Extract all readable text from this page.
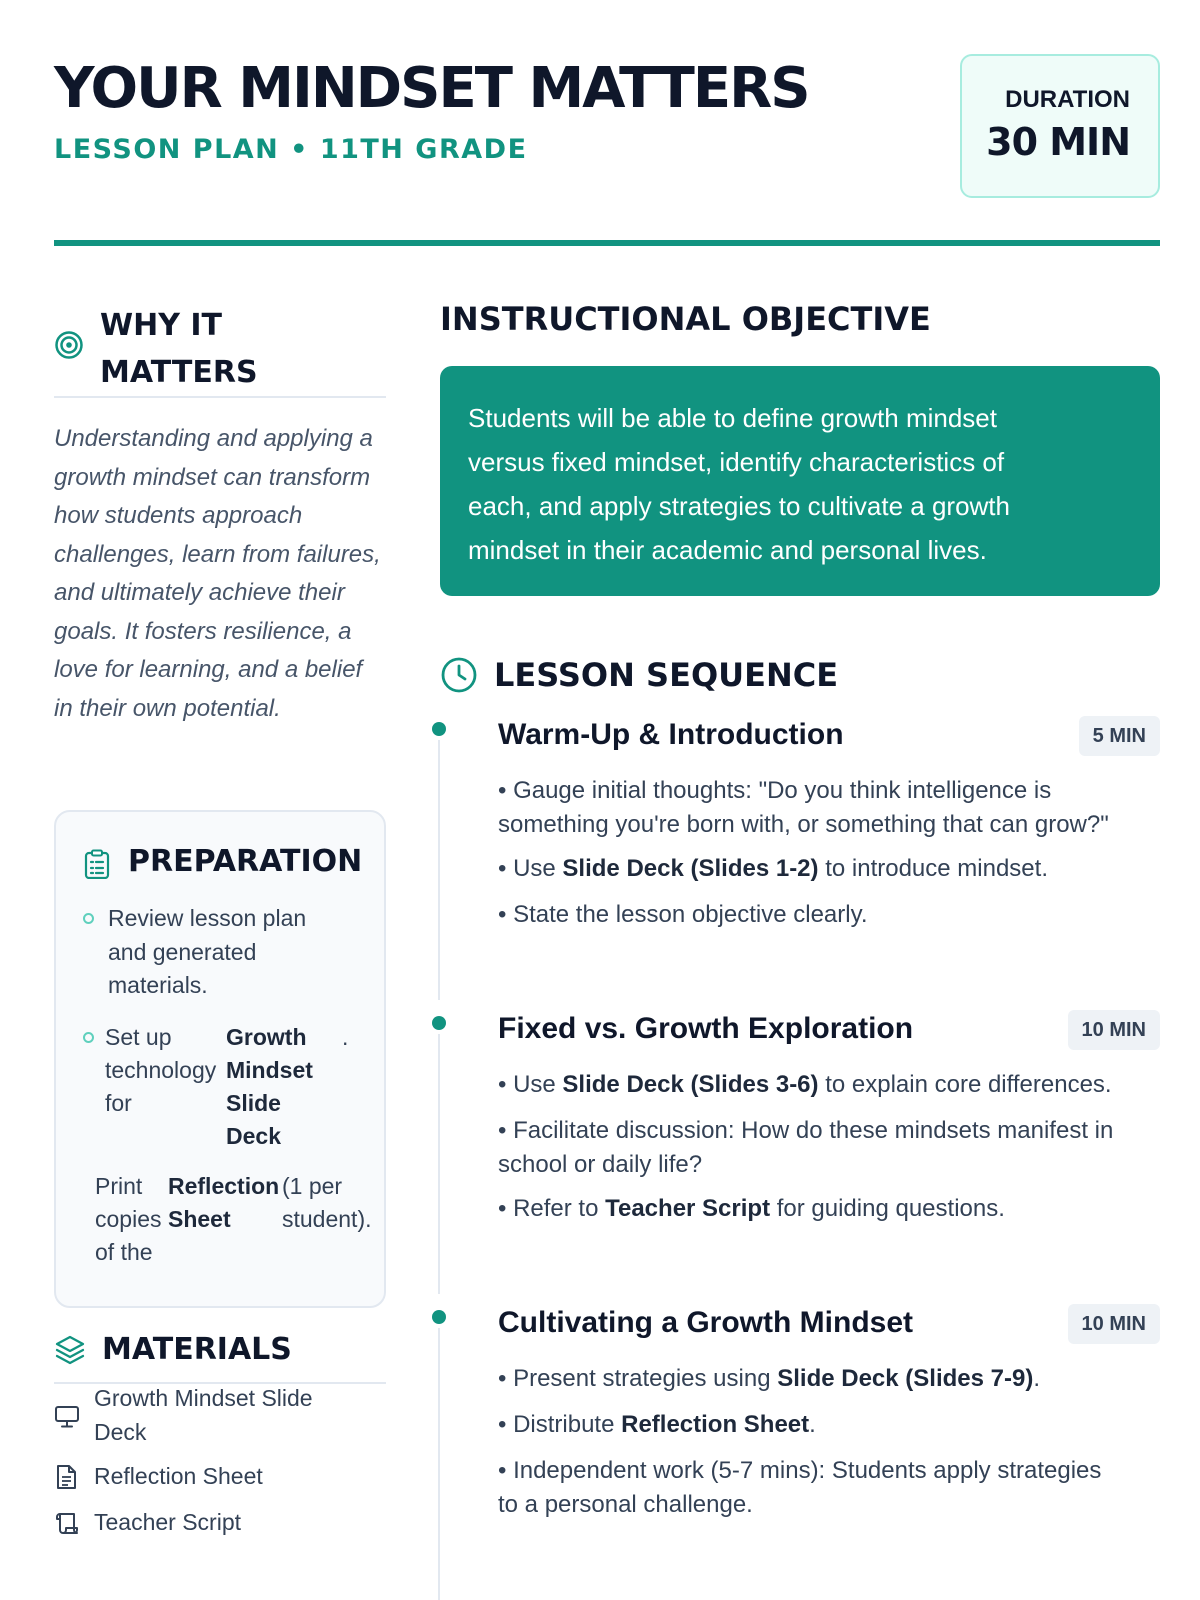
YOUR MINDSET MATTERS
LESSON PLAN • 11TH GRADE
DURATION
30 MIN
WHY IT
MATTERS
Understanding and applying a growth mindset can transform how students approach challenges, learn from failures, and ultimately achieve their goals. It fosters resilience, a love for learning, and a belief in their own potential.
PREPARATION
Review lesson plan and generated materials.
Set up
technology
for
Growth
Mindset
Slide
Deck
.
Print
copies
of the
Reflection
Sheet
(1 per
student).
MATERIALS
Growth Mindset Slide
Deck
Reflection Sheet
Teacher Script
INSTRUCTIONAL OBJECTIVE
Students will be able to define growth mindset
versus fixed mindset, identify characteristics of
each, and apply strategies to cultivate a growth
mindset in their academic and personal lives.
LESSON SEQUENCE
Warm-Up & Introduction	5 MIN
• Gauge initial thoughts: "Do you think intelligence is
something you're born with, or something that can grow?"
• Use Slide Deck (Slides 1-2) to introduce mindset.
• State the lesson objective clearly.
Fixed vs. Growth Exploration	10 MIN
• Use Slide Deck (Slides 3-6) to explain core differences.
• Facilitate discussion: How do these mindsets manifest in
school or daily life?
• Refer to Teacher Script for guiding questions.
Cultivating a Growth Mindset	10 MIN
• Present strategies using Slide Deck (Slides 7-9).
• Distribute Reflection Sheet.
• Independent work (5-7 mins): Students apply strategies
to a personal challenge.
